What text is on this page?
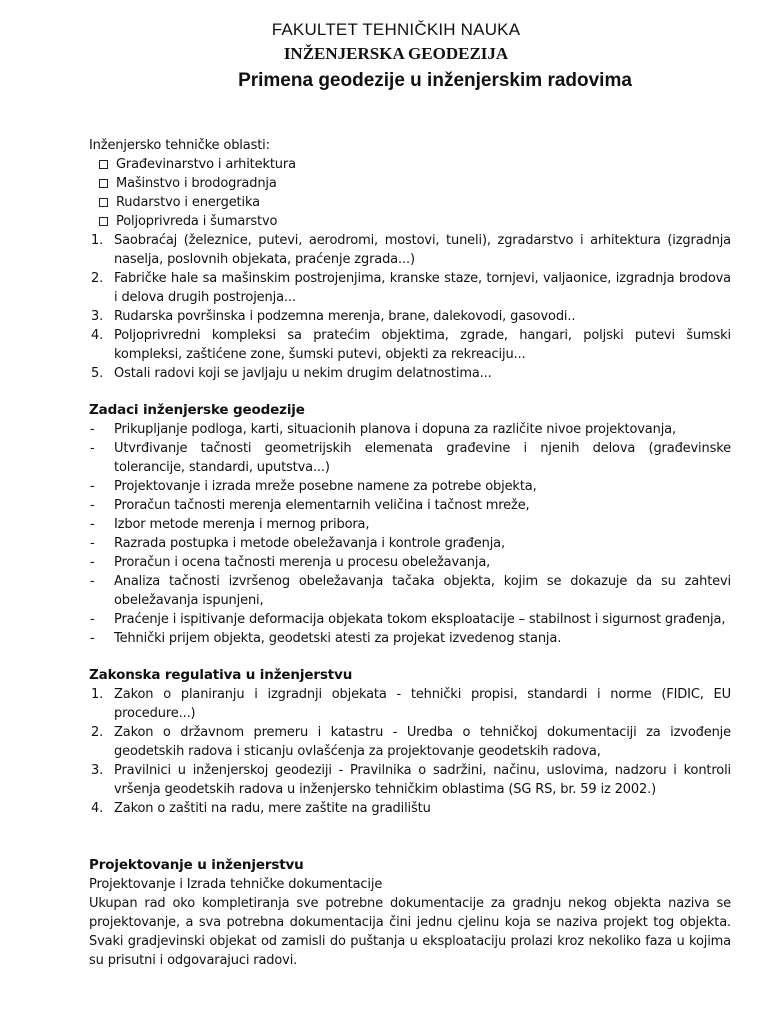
FAKULTET TEHNIČKIH NAUKA
INŽENJERSKA GEODEZIJA
Primena geodezije u inženjerskim radovima

Inženjersko tehničke oblasti:

Građevinarstvo i arhitektura
Mašinstvo i brodogradnja
Rudarstvo i energetika
Poljoprivreda i šumarstvo
1. Saobraćaj (železnice, putevi, aerodromi, mostovi, tuneli), zgradarstvo i arhitektura (izgradnja naselja, poslovnih objekata, praćenje zgrada...)
2. Fabričke hale sa mašinskim postrojenjima, kranske staze, tornjevi, valjaonice, izgradnja brodova i delova drugih postrojenja...
3. Rudarska površinska i podzemna merenja, brane, dalekovodi, gasovodi..
4. Poljoprivredni kompleksi sa pratećim objektima, zgrade, hangari, poljski putevi šumski kompleksi, zaštićene zone, šumski putevi, objekti za rekreaciju...
5. Ostali radovi koji se javljaju u nekim drugim delatnostima...

Zadaci inženjerske geodezije

- Prikupljanje podloga, karti, situacionih planova i dopuna za različite nivoe projektovanja,
- Utvrđivanje tačnosti geometrijskih elemenata građevine i njenih delova (građevinske tolerancije, standardi, uputstva...)
- Projektovanje i izrada mreže posebne namene za potrebe objekta,
- Proračun tačnosti merenja elementarnih veličina i tačnost mreže,
- Izbor metode merenja i mernog pribora,
- Razrada postupka i metode obeležavanja i kontrole građenja,
- Proračun i ocena tačnosti merenja u procesu obeležavanja,
- Analiza tačnosti izvršenog obeležavanja tačaka objekta, kojim se dokazuje da su zahtevi obeležavanja ispunjeni,
- Praćenje i ispitivanje deformacija objekata tokom eksploatacije – stabilnost i sigurnost građenja,
- Tehnički prijem objekta, geodetski atesti za projekat izvedenog stanja.

Zakonska regulativa u inženjerstvu

1. Zakon o planiranju i izgradnji objekata - tehnički propisi, standardi i norme (FIDIC, EU procedure...)
2. Zakon o državnom premeru i katastru - Uredba o tehničkoj dokumentaciji za izvođenje geodetskih radova i sticanju ovlašćenja za projektovanje geodetskih radova,
3. Pravilnici u inženjerskoj geodeziji - Pravilnika o sadržini, načinu, uslovima, nadzoru i kontroli vršenja geodetskih radova u inženjersko tehničkim oblastima (SG RS, br. 59 iz 2002.)
4. Zakon o zaštiti na radu, mere zaštite na gradilištu

Projektovanje u inženjerstvu

Projektovanje i Izrada tehničke dokumentacije

Ukupan rad oko kompletiranja sve potrebne dokumentacije za gradnju nekog objekta naziva se projektovanje, a sva potrebna dokumentacija čini jednu cjelinu koja se naziva projekt tog objekta. Svaki gradjevinski objekat od zamisli do puštanja u eksploataciju prolazi kroz nekoliko faza u kojima su prisutni i odgovarajuci radovi.
